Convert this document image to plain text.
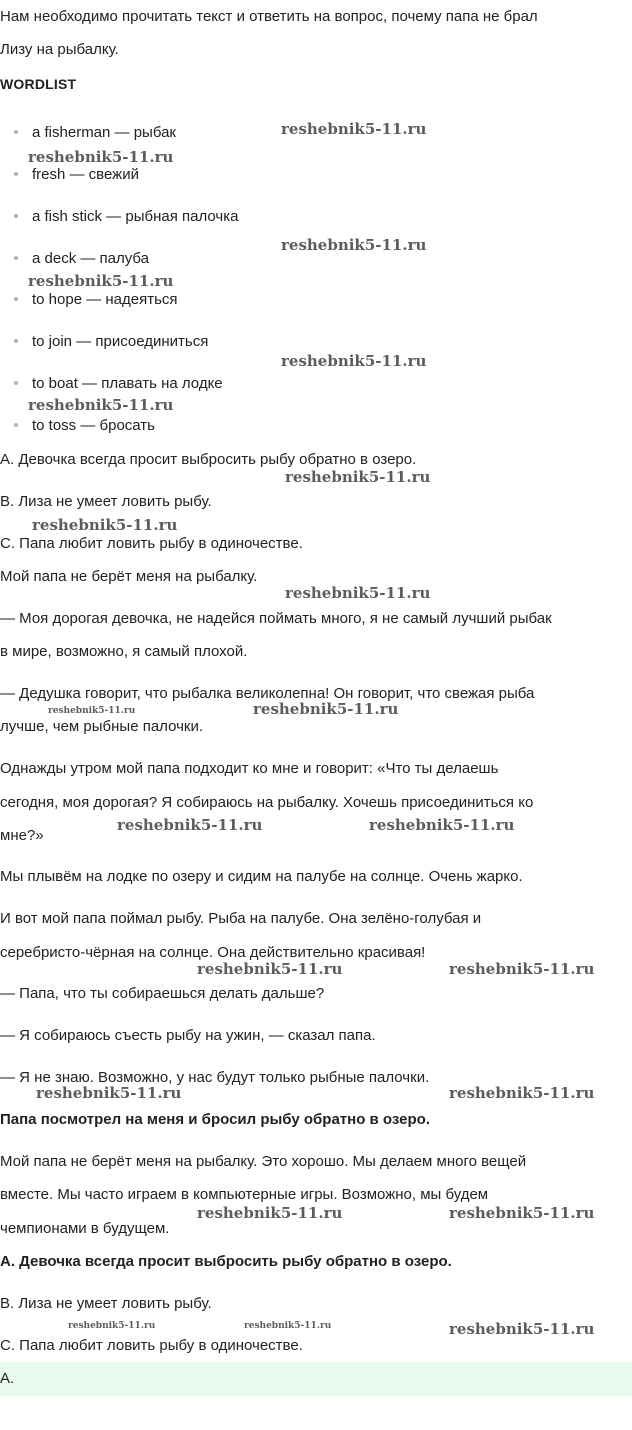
Нам необходимо прочитать текст и ответить на вопрос, почему папа не брал
Лизу на рыбалку.
WORDLIST
a fisherman — рыбак
fresh — свежий
a fish stick — рыбная палочка
a deck — палуба
to hope — надеяться
to join — присоединиться
to boat — плавать на лодке
to toss — бросать
A. Девочка всегда просит выбросить рыбу обратно в озеро.
B. Лиза не умеет ловить рыбу.
C. Папа любит ловить рыбу в одиночестве.
Мой папа не берёт меня на рыбалку.
— Моя дорогая девочка, не надейся поймать много, я не самый лучший рыбак
в мире, возможно, я самый плохой.
— Дедушка говорит, что рыбалка великолепна! Он говорит, что свежая рыба
лучше, чем рыбные палочки.
Однажды утром мой папа подходит ко мне и говорит: «Что ты делаешь
сегодня, моя дорогая? Я собираюсь на рыбалку. Хочешь присоединиться ко
мне?»
Мы плывём на лодке по озеру и сидим на палубе на солнце. Очень жарко.
И вот мой папа поймал рыбу. Рыба на палубе. Она зелёно-голубая и
серебристо-чёрная на солнце. Она действительно красивая!
— Папа, что ты собираешься делать дальше?
— Я собираюсь съесть рыбу на ужин, — сказал папа.
— Я не знаю. Возможно, у нас будут только рыбные палочки.
Папа посмотрел на меня и бросил рыбу обратно в озеро.
Мой папа не берёт меня на рыбалку. Это хорошо. Мы делаем много вещей
вместе. Мы часто играем в компьютерные игры. Возможно, мы будем
чемпионами в будущем.
A. Девочка всегда просит выбросить рыбу обратно в озеро.
B. Лиза не умеет ловить рыбу.
C. Папа любит ловить рыбу в одиночестве.
A.
reshebnik5-11.ru
reshebnik5-11.ru
reshebnik5-11.ru
reshebnik5-11.ru
reshebnik5-11.ru
reshebnik5-11.ru
reshebnik5-11.ru
reshebnik5-11.ru
reshebnik5-11.ru
reshebnik5-11.ru	reshebnik5-11.ru
reshebnik5-11.ru	reshebnik5-11.ru
reshebnik5-11.ru	reshebnik5-11.ru
reshebnik5-11.ru	reshebnik5-11.ru
reshebnik5-11.ru	reshebnik5-11.ru
reshebnik5-11.ru	reshebnik5-11.ru	reshebnik5-11.ru
